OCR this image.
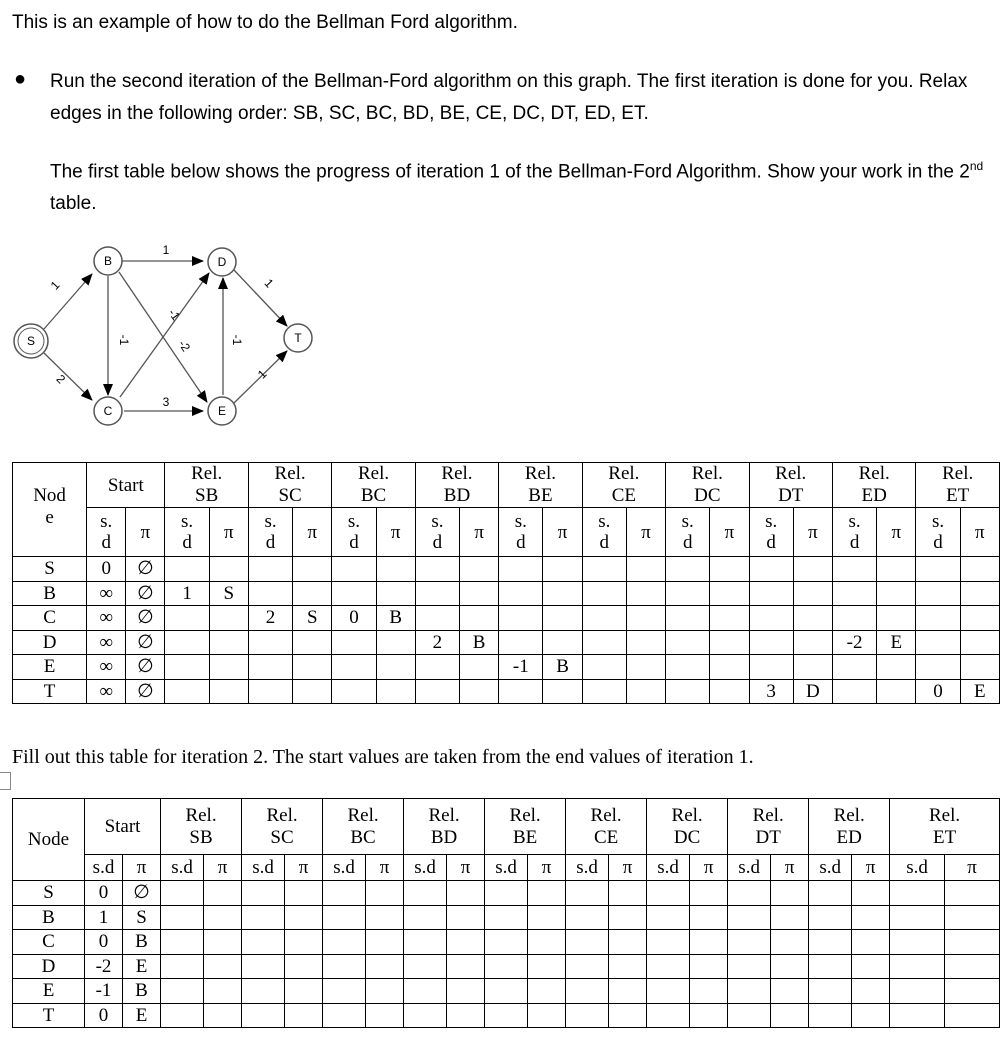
This is an example of how to do the Bellman Ford algorithm.

● Run the second iteration of the Bellman-Ford algorithm on this graph. The first iteration is done for you. Relax edges in the following order: SB, SC, BC, BD, BE, CE, DC, DT, ED, ET.

The first table below shows the progress of iteration 1 of the Bellman-Ford Algorithm. Show your work in the 2nd table.

1
2
1
-1	-2
-1
3
-1
1
1
S
B
C
D
E
T
Nod
e	Start		Rel.
SB		Rel.
SC		Rel.
BC		Rel.
BD		Rel.
BE		Rel.
CE		Rel.
DC		Rel.
DT		Rel.
ED		Rel.
ET	

	s.
d	π	s.
d	π	s.
d	π	s.
d	π	s.
d	π	s.
d	π	s.
d	π	s.
d	π	s.
d	π	s.
d	π	s.
d	π
S	0	∅																				
B	∞	∅	1	S																		
C	∞	∅			2	S	0	B														
D	∞	∅							2	B									-2	E		
E	∞	∅									-1	B										
T	∞	∅															3	D			0	E

Fill out this table for iteration 2. The start values are taken from the end values of iteration 1.

Node	Start		Rel.
SB		Rel.
SC		Rel.
BC		Rel.
BD		Rel.
BE		Rel.
CE		Rel.
DC		Rel.
DT		Rel.
ED		Rel.
ET	

	s.d	π	s.d	π	s.d	π	s.d	π	s.d	π	s.d	π	s.d	π	s.d	π	s.d	π	s.d	π	s.d	π
S	0	∅																				
B	1	S																				
C	0	B																				
D	-2	E																				
E	-1	B																				
T	0	E																				
